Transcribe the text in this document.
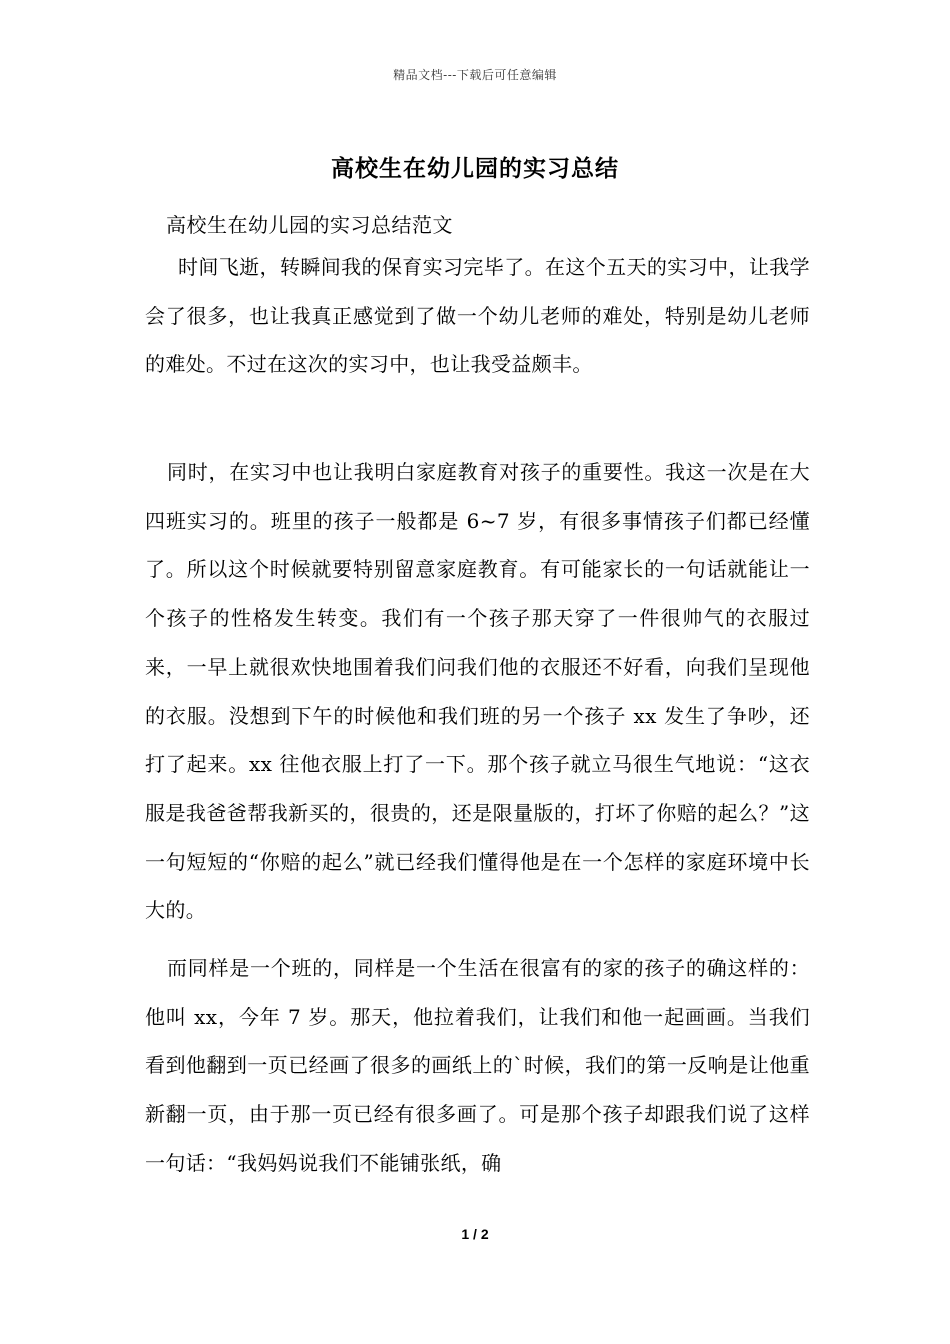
精品文档---下载后可任意编辑
高校生在幼儿园的实习总结
高校生在幼儿园的实习总结范文

时间飞逝，转瞬间我的保育实习完毕了。在这个五天的实习中，让我学会了很多，也让我真正感觉到了做一个幼儿老师的难处，特别是幼儿老师的难处。不过在这次的实习中，也让我受益颇丰。

同时，在实习中也让我明白家庭教育对孩子的重要性。我这一次是在大四班实习的。班里的孩子一般都是 6~7 岁，有很多事情孩子们都已经懂了。所以这个时候就要特别留意家庭教育。有可能家长的一句话就能让一个孩子的性格发生转变。我们有一个孩子那天穿了一件很帅气的衣服过来，一早上就很欢快地围着我们问我们他的衣服还不好看，向我们呈现他的衣服。没想到下午的时候他和我们班的另一个孩子 xx 发生了争吵，还打了起来。xx 往他衣服上打了一下。那个孩子就立马很生气地说：“这衣服是我爸爸帮我新买的，很贵的，还是限量版的，打坏了你赔的起么？”这一句短短的“你赔的起么”就已经我们懂得他是在一个怎样的家庭环境中长大的。

而同样是一个班的，同样是一个生活在很富有的家的孩子的确这样的：他叫 xx，今年 7 岁。那天，他拉着我们，让我们和他一起画画。当我们看到他翻到一页已经画了很多的画纸上的`时候，我们的第一反响是让他重新翻一页，由于那一页已经有很多画了。可是那个孩子却跟我们说了这样一句话：“我妈妈说我们不能铺张纸，确

1 / 2
